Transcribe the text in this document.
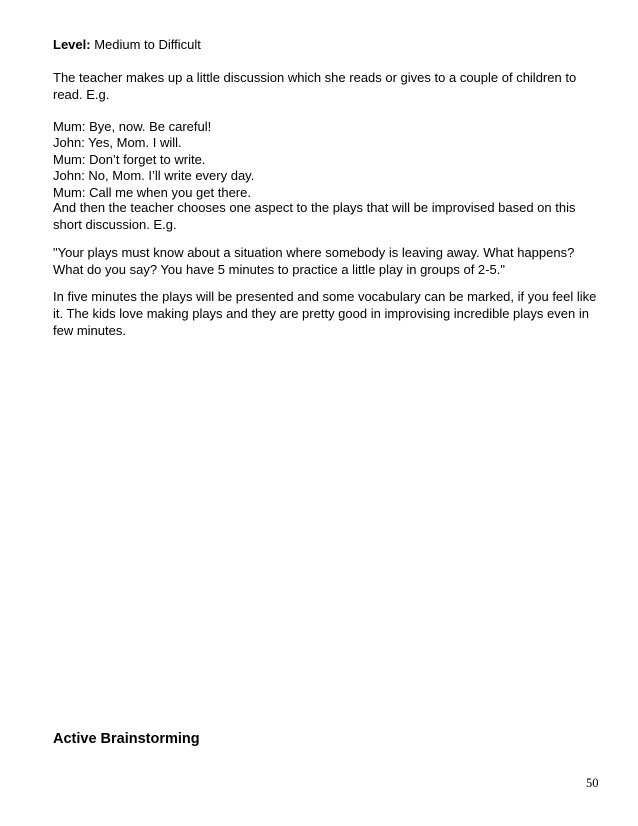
Level: Medium to Difficult
The teacher makes up a little discussion which she reads or gives to a couple of children to read. E.g.
Mum: Bye, now. Be careful!
John: Yes, Mom. I will.
Mum: Don’t forget to write.
John: No, Mom. I’ll write every day.
Mum: Call me when you get there.
And then the teacher chooses one aspect to the plays that will be improvised based on this short discussion. E.g.
"Your plays must know about a situation where somebody is leaving away. What happens? What do you say? You have 5 minutes to practice a little play in groups of 2-5."
In five minutes the plays will be presented and some vocabulary can be marked, if you feel like it. The kids love making plays and they are pretty good in improvising incredible plays even in few minutes.
Active Brainstorming
50
